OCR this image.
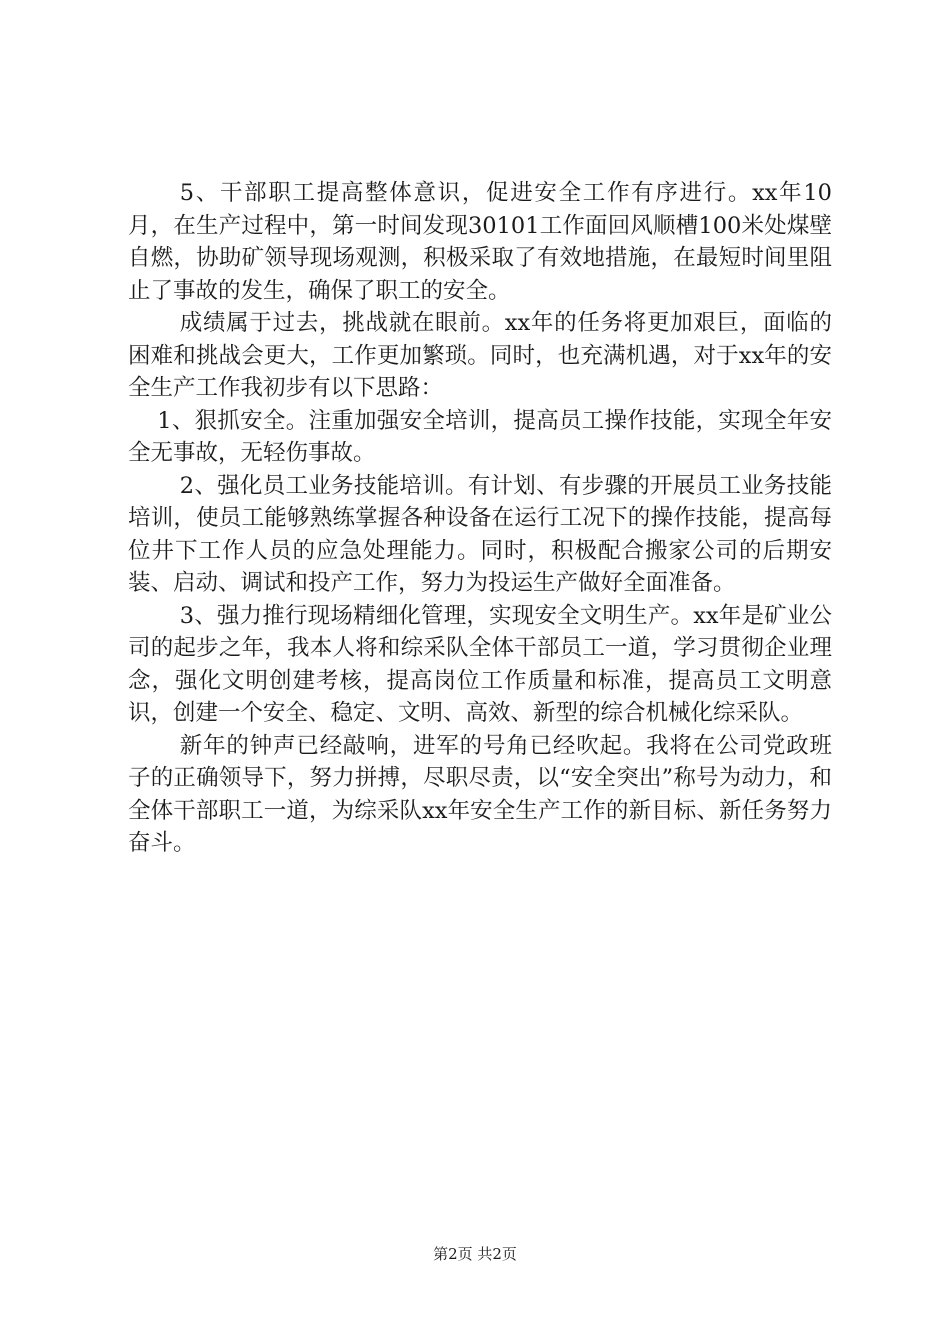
5、干部职工提高整体意识，促进安全工作有序进行。xx年10月，在生产过程中，第一时间发现30101工作面回风顺槽100米处煤壁自燃，协助矿领导现场观测，积极采取了有效地措施，在最短时间里阻止了事故的发生，确保了职工的安全。

成绩属于过去，挑战就在眼前。xx年的任务将更加艰巨，面临的困难和挑战会更大，工作更加繁琐。同时，也充满机遇，对于xx年的安全生产工作我初步有以下思路：

1、狠抓安全。注重加强安全培训，提高员工操作技能，实现全年安全无事故，无轻伤事故。

2、强化员工业务技能培训。有计划、有步骤的开展员工业务技能培训，使员工能够熟练掌握各种设备在运行工况下的操作技能，提高每位井下工作人员的应急处理能力。同时，积极配合搬家公司的后期安装、启动、调试和投产工作，努力为投运生产做好全面准备。

3、强力推行现场精细化管理，实现安全文明生产。xx年是矿业公司的起步之年，我本人将和综采队全体干部员工一道，学习贯彻企业理念，强化文明创建考核，提高岗位工作质量和标准，提高员工文明意识，创建一个安全、稳定、文明、高效、新型的综合机械化综采队。

新年的钟声已经敲响，进军的号角已经吹起。我将在公司党政班子的正确领导下，努力拼搏，尽职尽责，以“安全突出”称号为动力，和全体干部职工一道，为综采队xx年安全生产工作的新目标、新任务努力奋斗。

第2页 共2页
